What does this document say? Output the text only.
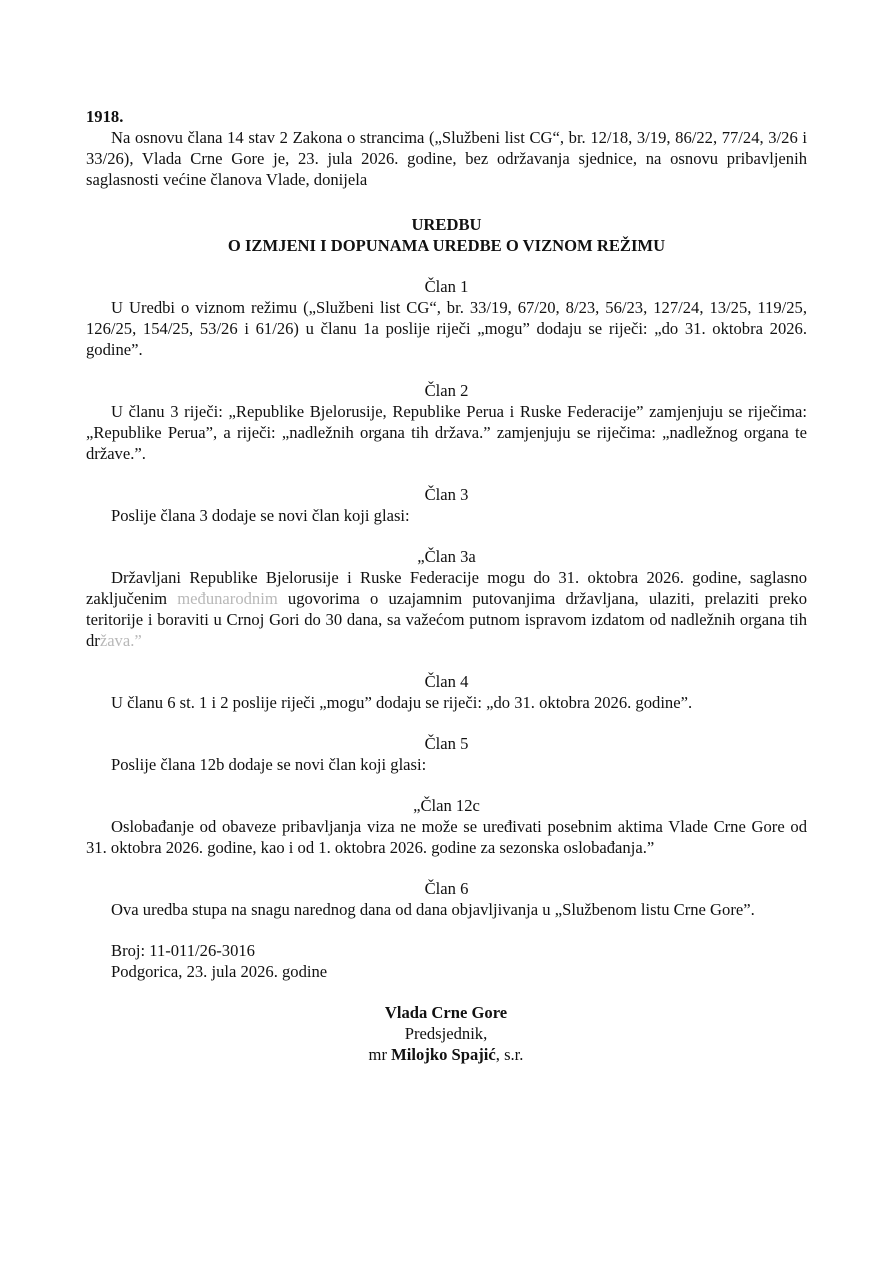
1918.

Na osnovu člana 14 stav 2 Zakona o strancima („Službeni list CG“, br. 12/18, 3/19, 86/22, 77/24, 3/26 i 33/26), Vlada Crne Gore je, 23. jula 2026. godine, bez održavanja sjednice, na osnovu pribavljenih saglasnosti većine članova Vlade, donijela

UREDBU

O IZMJENI I DOPUNAMA UREDBE O VIZNOM REŽIMU

Član 1

U Uredbi o viznom režimu („Službeni list CG“, br. 33/19, 67/20, 8/23, 56/23, 127/24, 13/25, 119/25, 126/25, 154/25, 53/26 i 61/26) u članu 1a poslije riječi „mogu” dodaju se riječi: „do 31. oktobra 2026. godine”.

Član 2

U članu 3 riječi: „Republike Bjelorusije, Republike Perua i Ruske Federacije” zamjenjuju se riječima: „Republike Perua”, a riječi: „nadležnih organa tih država.” zamjenjuju se riječima: „nadležnog organa te države.”.

Član 3

Poslije člana 3 dodaje se novi član koji glasi:

„Član 3a

Državljani Republike Bjelorusije i Ruske Federacije mogu do 31. oktobra 2026. godine, saglasno zaključenim međunarodnim ugovorima o uzajamnim putovanjima državljana, ulaziti, prelaziti preko teritorije i boraviti u Crnoj Gori do 30 dana, sa važećom putnom ispravom izdatom od nadležnih organa tih država.”

Član 4

U članu 6 st. 1 i 2 poslije riječi „mogu” dodaju se riječi: „do 31. oktobra 2026. godine”.

Član 5

Poslije člana 12b dodaje se novi član koji glasi:

„Član 12c

Oslobađanje od obaveze pribavljanja viza ne može se uređivati posebnim aktima Vlade Crne Gore od 31. oktobra 2026. godine, kao i od 1. oktobra 2026. godine za sezonska oslobađanja.”

Član 6

Ova uredba stupa na snagu narednog dana od dana objavljivanja u „Službenom listu Crne Gore”.

Broj: 11-011/26-3016

Podgorica, 23. jula 2026. godine

Vlada Crne Gore

Predsjednik,

mr Milojko Spajić, s.r.
